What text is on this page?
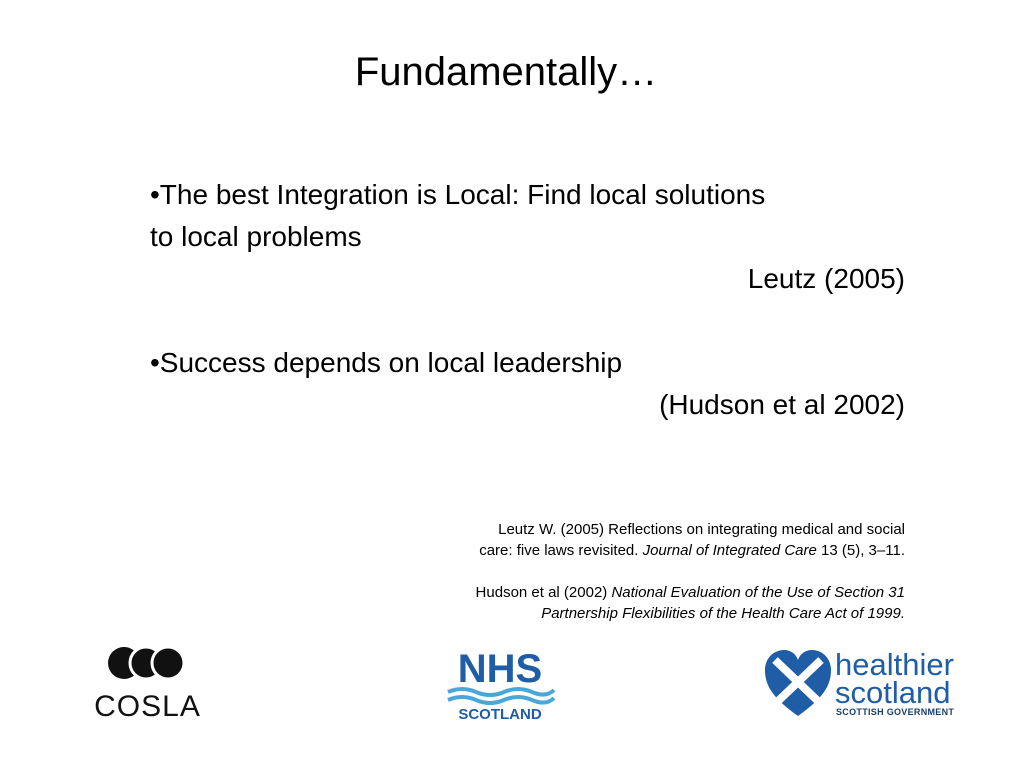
Fundamentally…
•The best Integration is Local: Find local solutions
to local problems
Leutz (2005)
•Success depends on local leadership
(Hudson et al 2002)
Leutz W. (2005) Reflections on integrating medical and social
care: five laws revisited. Journal of Integrated Care 13 (5), 3–11.
Hudson et al (2002) National Evaluation of the Use of Section 31
Partnership Flexibilities of the Health Care Act of 1999.
COSLA
NHS
SCOTLAND
healthier
scotland
SCOTTISH GOVERNMENT
